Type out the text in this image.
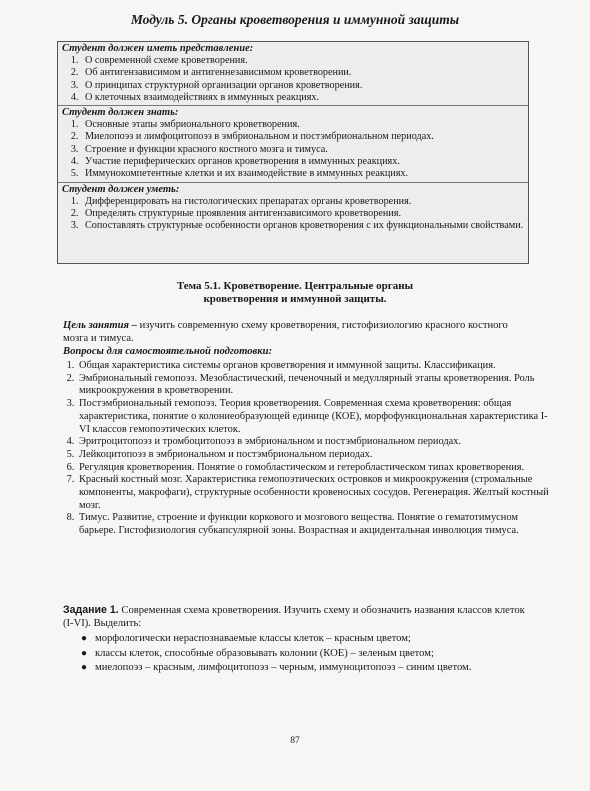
Модуль 5. Органы кроветворения и иммунной защиты
Студент должен иметь представление:
1. О современной схеме кроветворения.
2. Об антигензависимом и антигеннезависимом кроветворении.
3. О принципах структурной организации органов кроветворения.
4. О клеточных взаимодействиях в иммунных реакциях.
Студент должен знать:
1. Основные этапы эмбрионального кроветворения.
2. Миелопоэз и лимфоцитопоэз в эмбриональном и постэмбриональном периодах.
3. Строение и функции красного костного мозга и тимуса.
4. Участие периферических органов кроветворения в иммунных реакциях.
5. Иммунокомпетентные клетки и их взаимодействие в иммунных реакциях.
Студент должен уметь:
1. Дифференцировать на гистологических препаратах органы кроветворения.
2. Определять структурные проявления антигензависимого кроветворения.
3. Сопоставлять структурные особенности органов кроветворения с их функциональными свойствами.
Тема 5.1. Кроветворение. Центральные органы
кроветворения и иммунной защиты.
Цель занятия – изучить современную схему кроветворения, гистофизиологию красного костного мозга и тимуса.
Вопросы для самостоятельной подготовки:
1. Общая характеристика системы органов кроветворения и иммунной защиты. Классификация.
2. Эмбриональный гемопоэз. Мезобластический, печеночный и медуллярный этапы кроветворения. Роль микроокружения в кроветворении.
3. Постэмбриональный гемопоэз. Теория кроветворения. Современная схема кроветворения: общая характеристика, понятие о колониеобразующей единице (КОЕ), морфофункциональная характеристика I-VI классов гемопоэтических клеток.
4. Эритроцитопоэз и тромбоцитопоэз в эмбриональном и постэмбриональном периодах.
5. Лейкоцитопоэз в эмбриональном и постэмбриональном периодах.
6. Регуляция кроветворения. Понятие о гомобластическом и гетеробластическом типах кроветворения.
7. Красный костный мозг. Характеристика гемопоэтических островков и микроокружения (стромальные компоненты, макрофаги), структурные особенности кровеносных сосудов. Регенерация. Желтый костный мозг.
8. Тимус. Развитие, строение и функции коркового и мозгового вещества. Понятие о гематотимусном барьере. Гистофизиология субкапсулярной зоны. Возрастная и акцидентальная инволюция тимуса.
Задание 1. Современная схема кроветворения. Изучить схему и обозначить названия классов клеток (I-VI). Выделить:
● морфологически нераспознаваемые классы клеток – красным цветом;
● классы клеток, способные образовывать колонии (КОЕ) – зеленым цветом;
● миелопоэз – красным, лимфоцитопоэз – черным, иммуноцитопоэз – синим цветом.
87
